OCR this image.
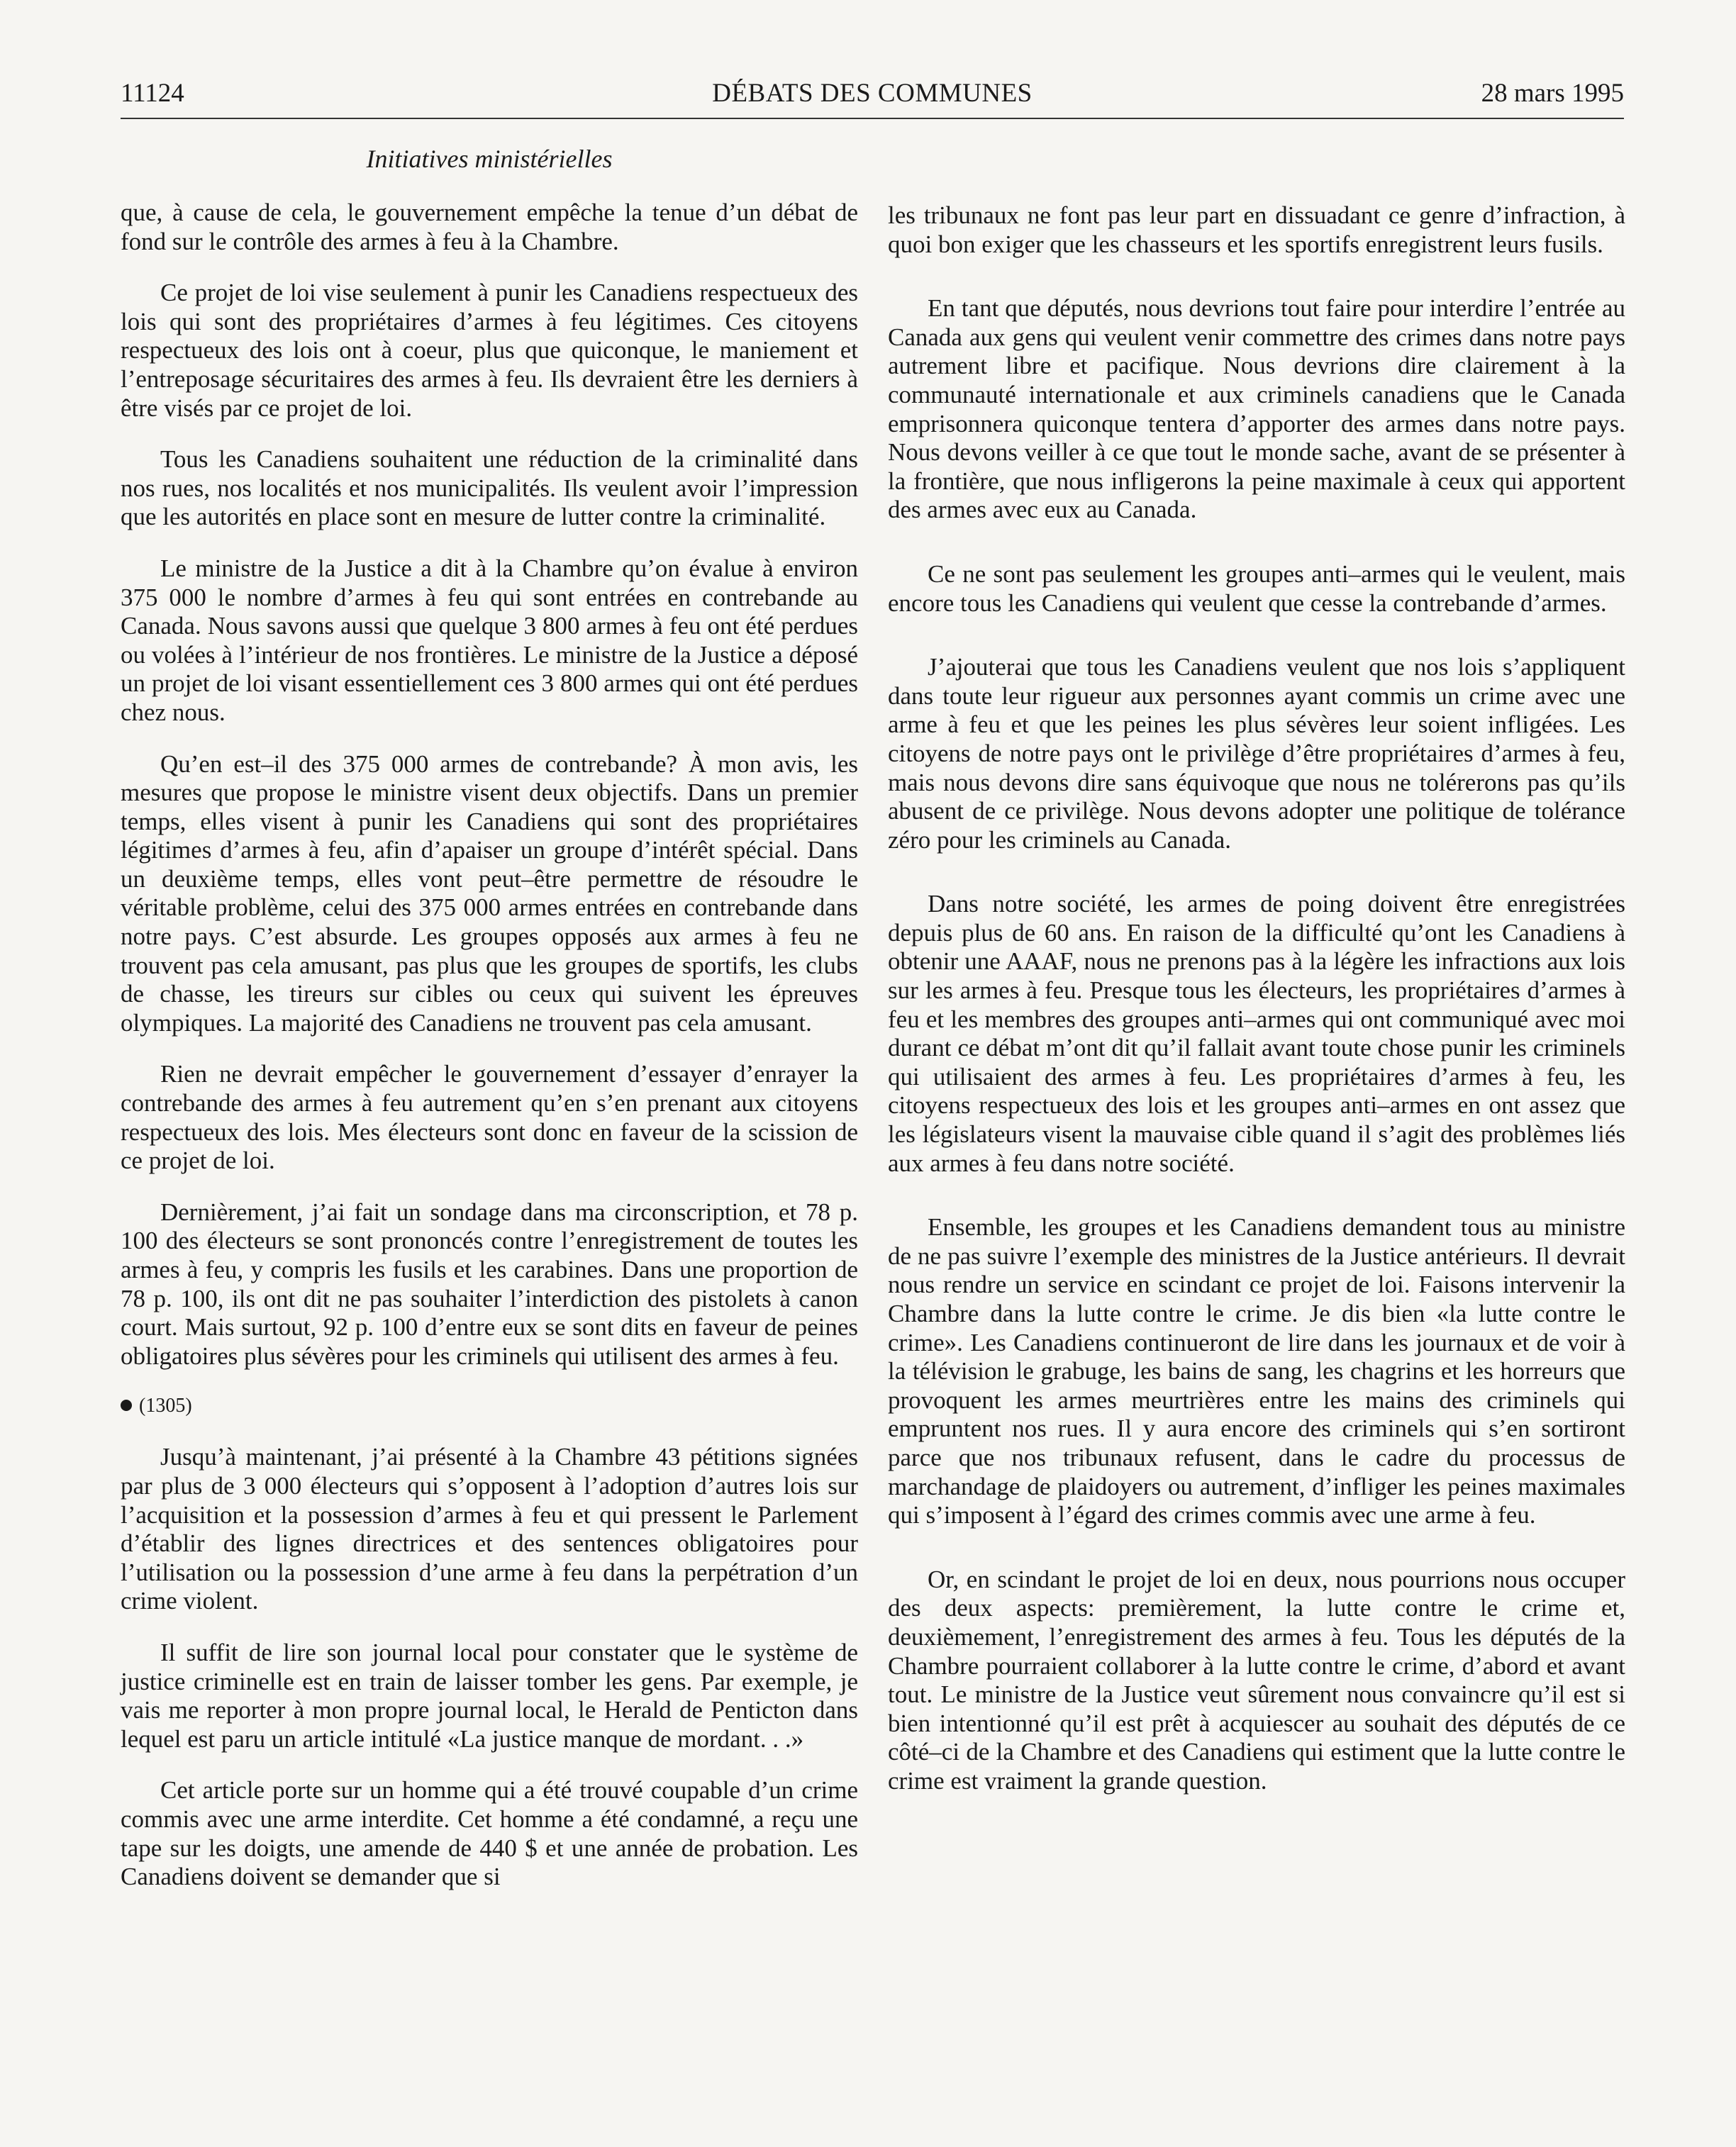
11124	DÉBATS DES COMMUNES	28 mars 1995
Initiatives ministérielles

que, à cause de cela, le gouvernement empêche la tenue d’un débat de fond sur le contrôle des armes à feu à la Chambre.

Ce projet de loi vise seulement à punir les Canadiens respectueux des lois qui sont des propriétaires d’armes à feu légitimes. Ces citoyens respectueux des lois ont à coeur, plus que quiconque, le maniement et l’entreposage sécuritaires des armes à feu. Ils devraient être les derniers à être visés par ce projet de loi.

Tous les Canadiens souhaitent une réduction de la criminalité dans nos rues, nos localités et nos municipalités. Ils veulent avoir l’impression que les autorités en place sont en mesure de lutter contre la criminalité.

Le ministre de la Justice a dit à la Chambre qu’on évalue à environ 375 000 le nombre d’armes à feu qui sont entrées en contrebande au Canada. Nous savons aussi que quelque 3 800 armes à feu ont été perdues ou volées à l’intérieur de nos frontières. Le ministre de la Justice a déposé un projet de loi visant essentiellement ces 3 800 armes qui ont été perdues chez nous.

Qu’en est–il des 375 000 armes de contrebande? À mon avis, les mesures que propose le ministre visent deux objectifs. Dans un premier temps, elles visent à punir les Canadiens qui sont des propriétaires légitimes d’armes à feu, afin d’apaiser un groupe d’intérêt spécial. Dans un deuxième temps, elles vont peut–être permettre de résoudre le véritable problème, celui des 375 000 armes entrées en contrebande dans notre pays. C’est absurde. Les groupes opposés aux armes à feu ne trouvent pas cela amusant, pas plus que les groupes de sportifs, les clubs de chasse, les tireurs sur cibles ou ceux qui suivent les épreuves olympiques. La majorité des Canadiens ne trouvent pas cela amusant.

Rien ne devrait empêcher le gouvernement d’essayer d’enrayer la contrebande des armes à feu autrement qu’en s’en prenant aux citoyens respectueux des lois. Mes électeurs sont donc en faveur de la scission de ce projet de loi.

Dernièrement, j’ai fait un sondage dans ma circonscription, et 78 p. 100 des électeurs se sont prononcés contre l’enregistrement de toutes les armes à feu, y compris les fusils et les carabines. Dans une proportion de 78 p. 100, ils ont dit ne pas souhaiter l’interdiction des pistolets à canon court. Mais surtout, 92 p. 100 d’entre eux se sont dits en faveur de peines obligatoires plus sévères pour les criminels qui utilisent des armes à feu.

(1305)

Jusqu’à maintenant, j’ai présenté à la Chambre 43 pétitions signées par plus de 3 000 électeurs qui s’opposent à l’adoption d’autres lois sur l’acquisition et la possession d’armes à feu et qui pressent le Parlement d’établir des lignes directrices et des sentences obligatoires pour l’utilisation ou la possession d’une arme à feu dans la perpétration d’un crime violent.

Il suffit de lire son journal local pour constater que le système de justice criminelle est en train de laisser tomber les gens. Par exemple, je vais me reporter à mon propre journal local, le Herald de Penticton dans lequel est paru un article intitulé «La justice manque de mordant. . .»

Cet article porte sur un homme qui a été trouvé coupable d’un crime commis avec une arme interdite. Cet homme a été condamné, a reçu une tape sur les doigts, une amende de 440 $ et une année de probation. Les Canadiens doivent se demander que si

les tribunaux ne font pas leur part en dissuadant ce genre d’infraction, à quoi bon exiger que les chasseurs et les sportifs enregistrent leurs fusils.

En tant que députés, nous devrions tout faire pour interdire l’entrée au Canada aux gens qui veulent venir commettre des crimes dans notre pays autrement libre et pacifique. Nous devrions dire clairement à la communauté internationale et aux criminels canadiens que le Canada emprisonnera quiconque tentera d’apporter des armes dans notre pays. Nous devons veiller à ce que tout le monde sache, avant de se présenter à la frontière, que nous infligerons la peine maximale à ceux qui apportent des armes avec eux au Canada.

Ce ne sont pas seulement les groupes anti–armes qui le veulent, mais encore tous les Canadiens qui veulent que cesse la contrebande d’armes.

J’ajouterai que tous les Canadiens veulent que nos lois s’appliquent dans toute leur rigueur aux personnes ayant commis un crime avec une arme à feu et que les peines les plus sévères leur soient infligées. Les citoyens de notre pays ont le privilège d’être propriétaires d’armes à feu, mais nous devons dire sans équivoque que nous ne tolérerons pas qu’ils abusent de ce privilège. Nous devons adopter une politique de tolérance zéro pour les criminels au Canada.

Dans notre société, les armes de poing doivent être enregistrées depuis plus de 60 ans. En raison de la difficulté qu’ont les Canadiens à obtenir une AAAF, nous ne prenons pas à la légère les infractions aux lois sur les armes à feu. Presque tous les électeurs, les propriétaires d’armes à feu et les membres des groupes anti–armes qui ont communiqué avec moi durant ce débat m’ont dit qu’il fallait avant toute chose punir les criminels qui utilisaient des armes à feu. Les propriétaires d’armes à feu, les citoyens respectueux des lois et les groupes anti–armes en ont assez que les législateurs visent la mauvaise cible quand il s’agit des problèmes liés aux armes à feu dans notre société.

Ensemble, les groupes et les Canadiens demandent tous au ministre de ne pas suivre l’exemple des ministres de la Justice antérieurs. Il devrait nous rendre un service en scindant ce projet de loi. Faisons intervenir la Chambre dans la lutte contre le crime. Je dis bien «la lutte contre le crime». Les Canadiens continueront de lire dans les journaux et de voir à la télévision le grabuge, les bains de sang, les chagrins et les horreurs que provoquent les armes meurtrières entre les mains des criminels qui empruntent nos rues. Il y aura encore des criminels qui s’en sortiront parce que nos tribunaux refusent, dans le cadre du processus de marchandage de plaidoyers ou autrement, d’infliger les peines maximales qui s’imposent à l’égard des crimes commis avec une arme à feu.

Or, en scindant le projet de loi en deux, nous pourrions nous occuper des deux aspects: premièrement, la lutte contre le crime et, deuxièmement, l’enregistrement des armes à feu. Tous les députés de la Chambre pourraient collaborer à la lutte contre le crime, d’abord et avant tout. Le ministre de la Justice veut sûrement nous convaincre qu’il est si bien intentionné qu’il est prêt à acquiescer au souhait des députés de ce côté–ci de la Chambre et des Canadiens qui estiment que la lutte contre le crime est vraiment la grande question.
